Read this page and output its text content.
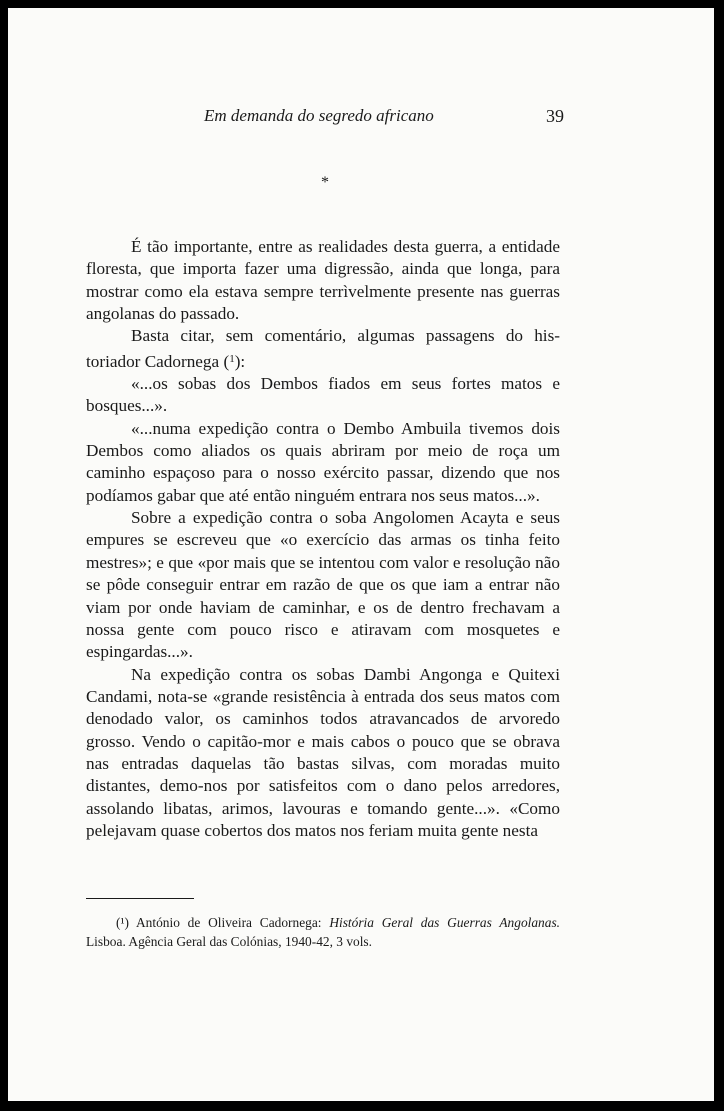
Em demanda do segredo africano	39
*

É tão importante, entre as realidades desta guerra, a entidade floresta, que importa fazer uma digressão, ainda que longa, para mostrar como ela estava sempre terrìvelmente presente nas guerras angolanas do passado.

Basta citar, sem comentário, algumas passagens do historiador Cadornega ($^1$):

«...os sobas dos Dembos fiados em seus fortes matos e bosques...».

«...numa expedição contra o Dembo Ambuila tivemos dois Dembos como aliados os quais abriram por meio de roça um caminho espaçoso para o nosso exército passar, dizendo que nos podíamos gabar que até então ninguém entrara nos seus matos...».

Sobre a expedição contra o soba Angolomen Acayta e seus empures se escreveu que «o exercício das armas os tinha feito mestres»; e que «por mais que se intentou com valor e resolução não se pôde conseguir entrar em razão de que os que iam a entrar não viam por onde haviam de caminhar, e os de dentro frechavam a nossa gente com pouco risco e atiravam com mosquetes e espingardas...».

Na expedição contra os sobas Dambi Angonga e Quitexi Candami, nota-se «grande resistência à entrada dos seus matos com denodado valor, os caminhos todos atravancados de arvoredo grosso. Vendo o capitão-mor e mais cabos o pouco que se obrava nas entradas daquelas tão bastas silvas, com moradas muito distantes, demo-nos por satisfeitos com o dano pelos arredores, assolando libatas, arimos, lavouras e tomando gente...». «Como pelejavam quase cobertos dos matos nos feriam muita gente nesta

(¹) António de Oliveira Cadornega: História Geral das Guerras Angolanas. Lisboa. Agência Geral das Colónias, 1940-42, 3 vols.
